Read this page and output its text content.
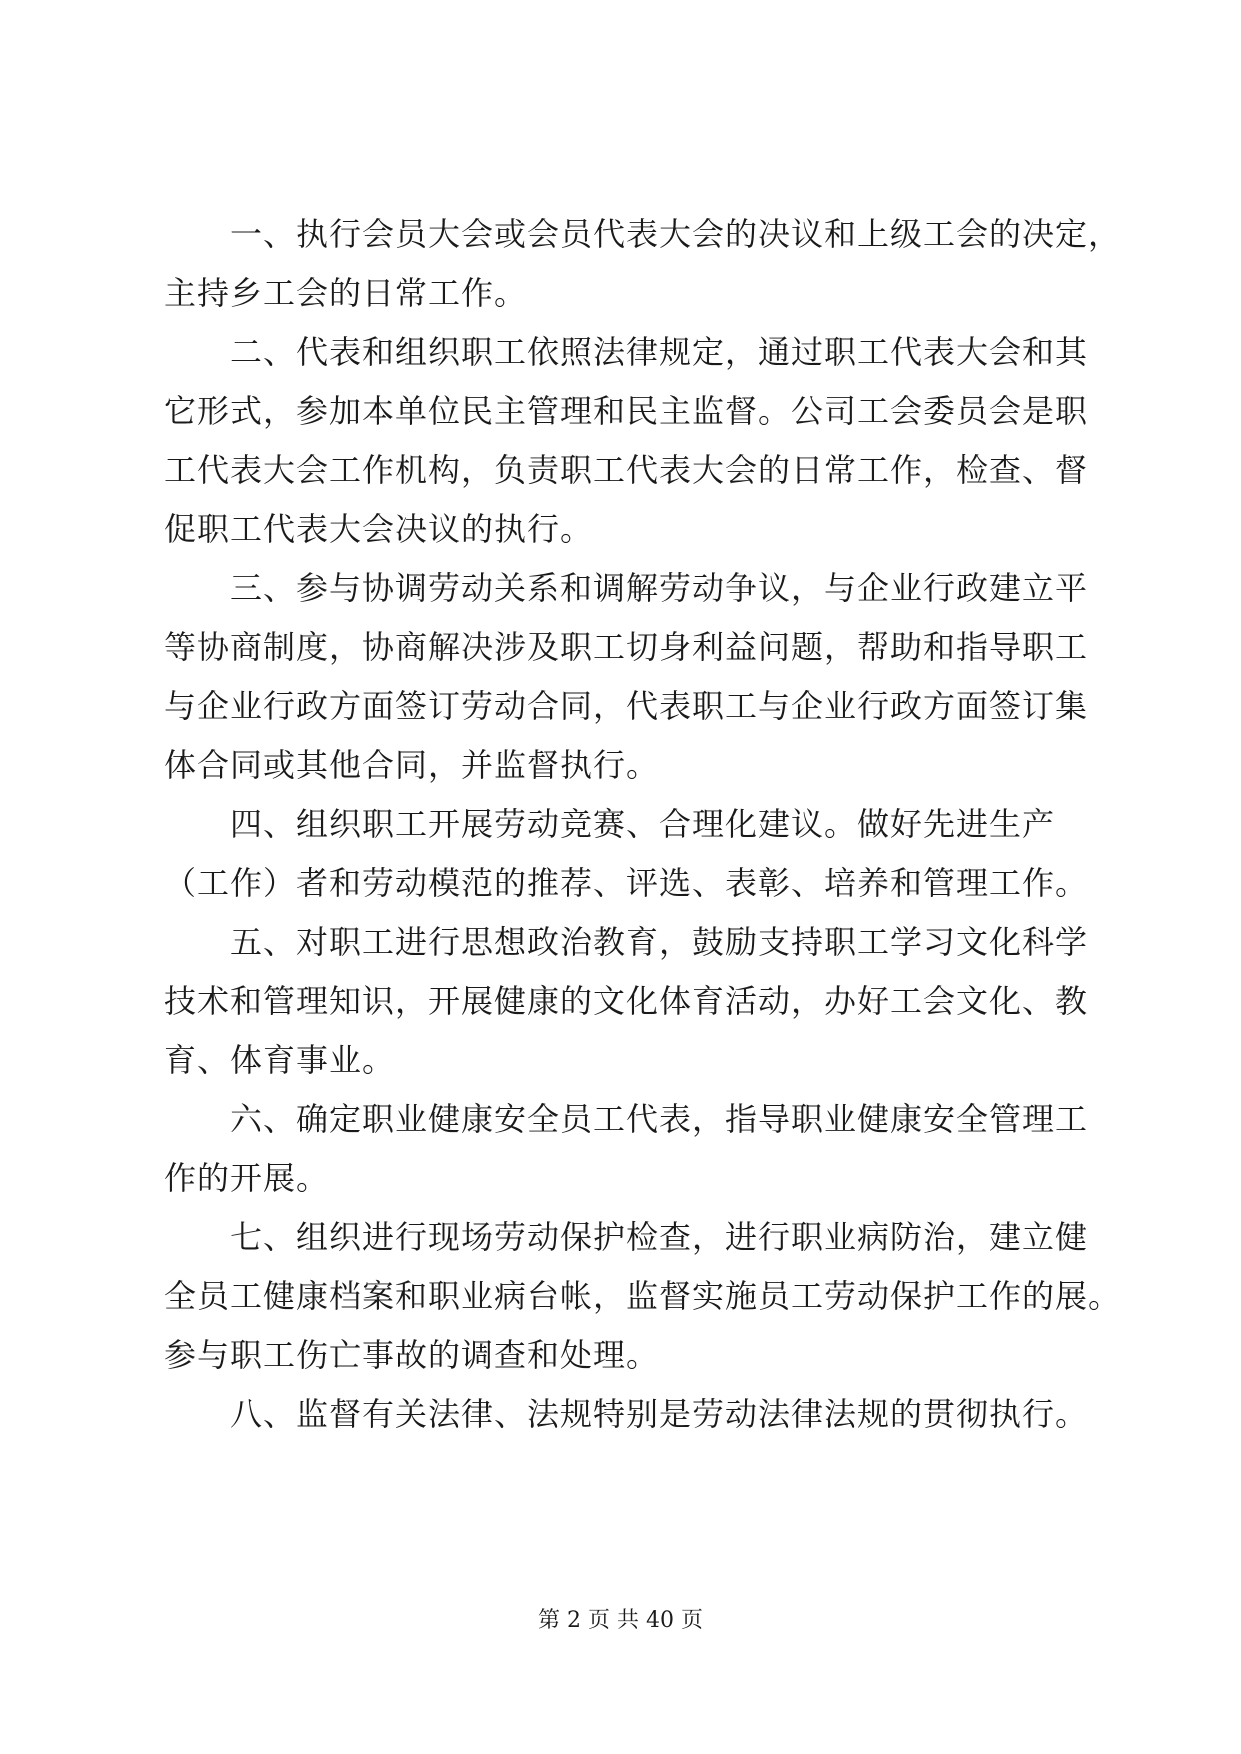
一、执行会员大会或会员代表大会的决议和上级工会的决定，
主持乡工会的日常工作。
二、代表和组织职工依照法律规定，通过职工代表大会和其
它形式，参加本单位民主管理和民主监督。公司工会委员会是职
工代表大会工作机构，负责职工代表大会的日常工作，检查、督
促职工代表大会决议的执行。
三、参与协调劳动关系和调解劳动争议，与企业行政建立平
等协商制度，协商解决涉及职工切身利益问题，帮助和指导职工
与企业行政方面签订劳动合同，代表职工与企业行政方面签订集
体合同或其他合同，并监督执行。
四、组织职工开展劳动竞赛、合理化建议。做好先进生产
（工作）者和劳动模范的推荐、评选、表彰、培养和管理工作。
五、对职工进行思想政治教育，鼓励支持职工学习文化科学
技术和管理知识，开展健康的文化体育活动，办好工会文化、教
育、体育事业。
六、确定职业健康安全员工代表，指导职业健康安全管理工
作的开展。
七、组织进行现场劳动保护检查，进行职业病防治，建立健
全员工健康档案和职业病台帐，监督实施员工劳动保护工作的展。
参与职工伤亡事故的调查和处理。
八、监督有关法律、法规特别是劳动法律法规的贯彻执行。
第 2 页 共 40 页
